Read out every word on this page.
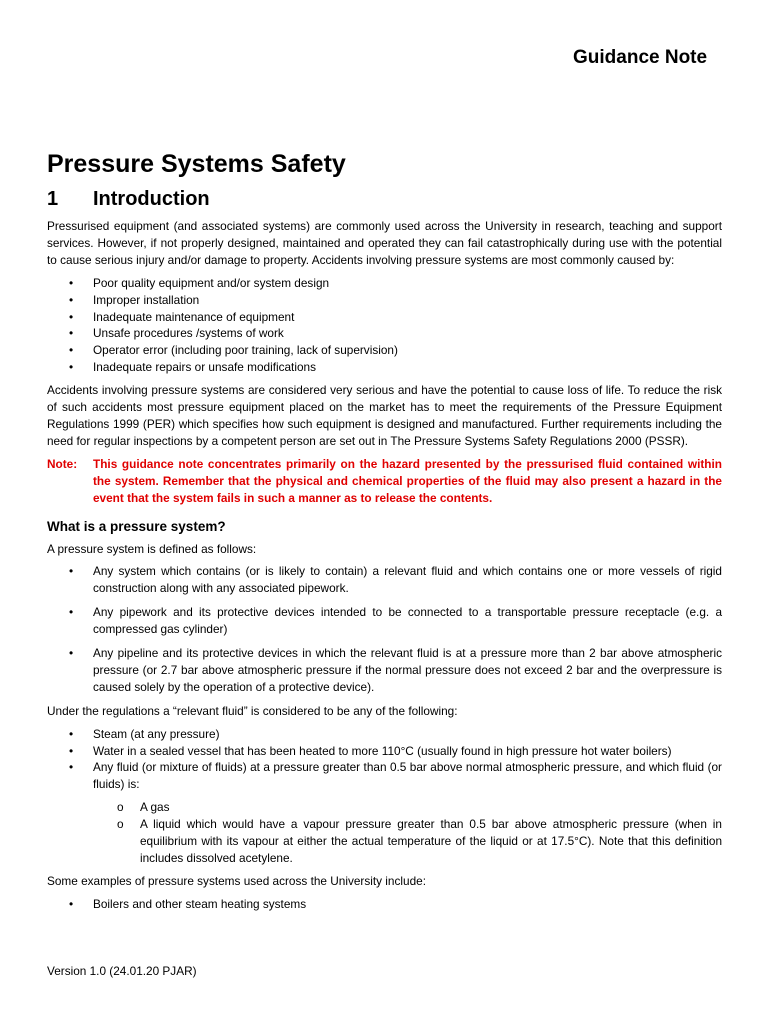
Guidance Note
Pressure Systems Safety
1 Introduction

Pressurised equipment (and associated systems) are commonly used across the University in research, teaching and support services. However, if not properly designed, maintained and operated they can fail catastrophically during use with the potential to cause serious injury and/or damage to property. Accidents involving pressure systems are most commonly caused by:

• Poor quality equipment and/or system design
• Improper installation
• Inadequate maintenance of equipment
• Unsafe procedures /systems of work
• Operator error (including poor training, lack of supervision)
• Inadequate repairs or unsafe modifications

Accidents involving pressure systems are considered very serious and have the potential to cause loss of life. To reduce the risk of such accidents most pressure equipment placed on the market has to meet the requirements of the Pressure Equipment Regulations 1999 (PER) which specifies how such equipment is designed and manufactured. Further requirements including the need for regular inspections by a competent person are set out in The Pressure Systems Safety Regulations 2000 (PSSR).

Note: This guidance note concentrates primarily on the hazard presented by the pressurised fluid contained within the system. Remember that the physical and chemical properties of the fluid may also present a hazard in the event that the system fails in such a manner as to release the contents.
What is a pressure system?

A pressure system is defined as follows:

• Any system which contains (or is likely to contain) a relevant fluid and which contains one or more vessels of rigid construction along with any associated pipework.
• Any pipework and its protective devices intended to be connected to a transportable pressure receptacle (e.g. a compressed gas cylinder)
• Any pipeline and its protective devices in which the relevant fluid is at a pressure more than 2 bar above atmospheric pressure (or 2.7 bar above atmospheric pressure if the normal pressure does not exceed 2 bar and the overpressure is caused solely by the operation of a protective device).

Under the regulations a “relevant fluid” is considered to be any of the following:

• Steam (at any pressure)
• Water in a sealed vessel that has been heated to more 110°C (usually found in high pressure hot water boilers)
• Any fluid (or mixture of fluids) at a pressure greater than 0.5 bar above normal atmospheric pressure, and which fluid (or fluids) is:
o A gas
o A liquid which would have a vapour pressure greater than 0.5 bar above atmospheric pressure (when in equilibrium with its vapour at either the actual temperature of the liquid or at 17.5°C). Note that this definition includes dissolved acetylene.

Some examples of pressure systems used across the University include:

• Boilers and other steam heating systems
Version 1.0 (24.01.20 PJAR)
